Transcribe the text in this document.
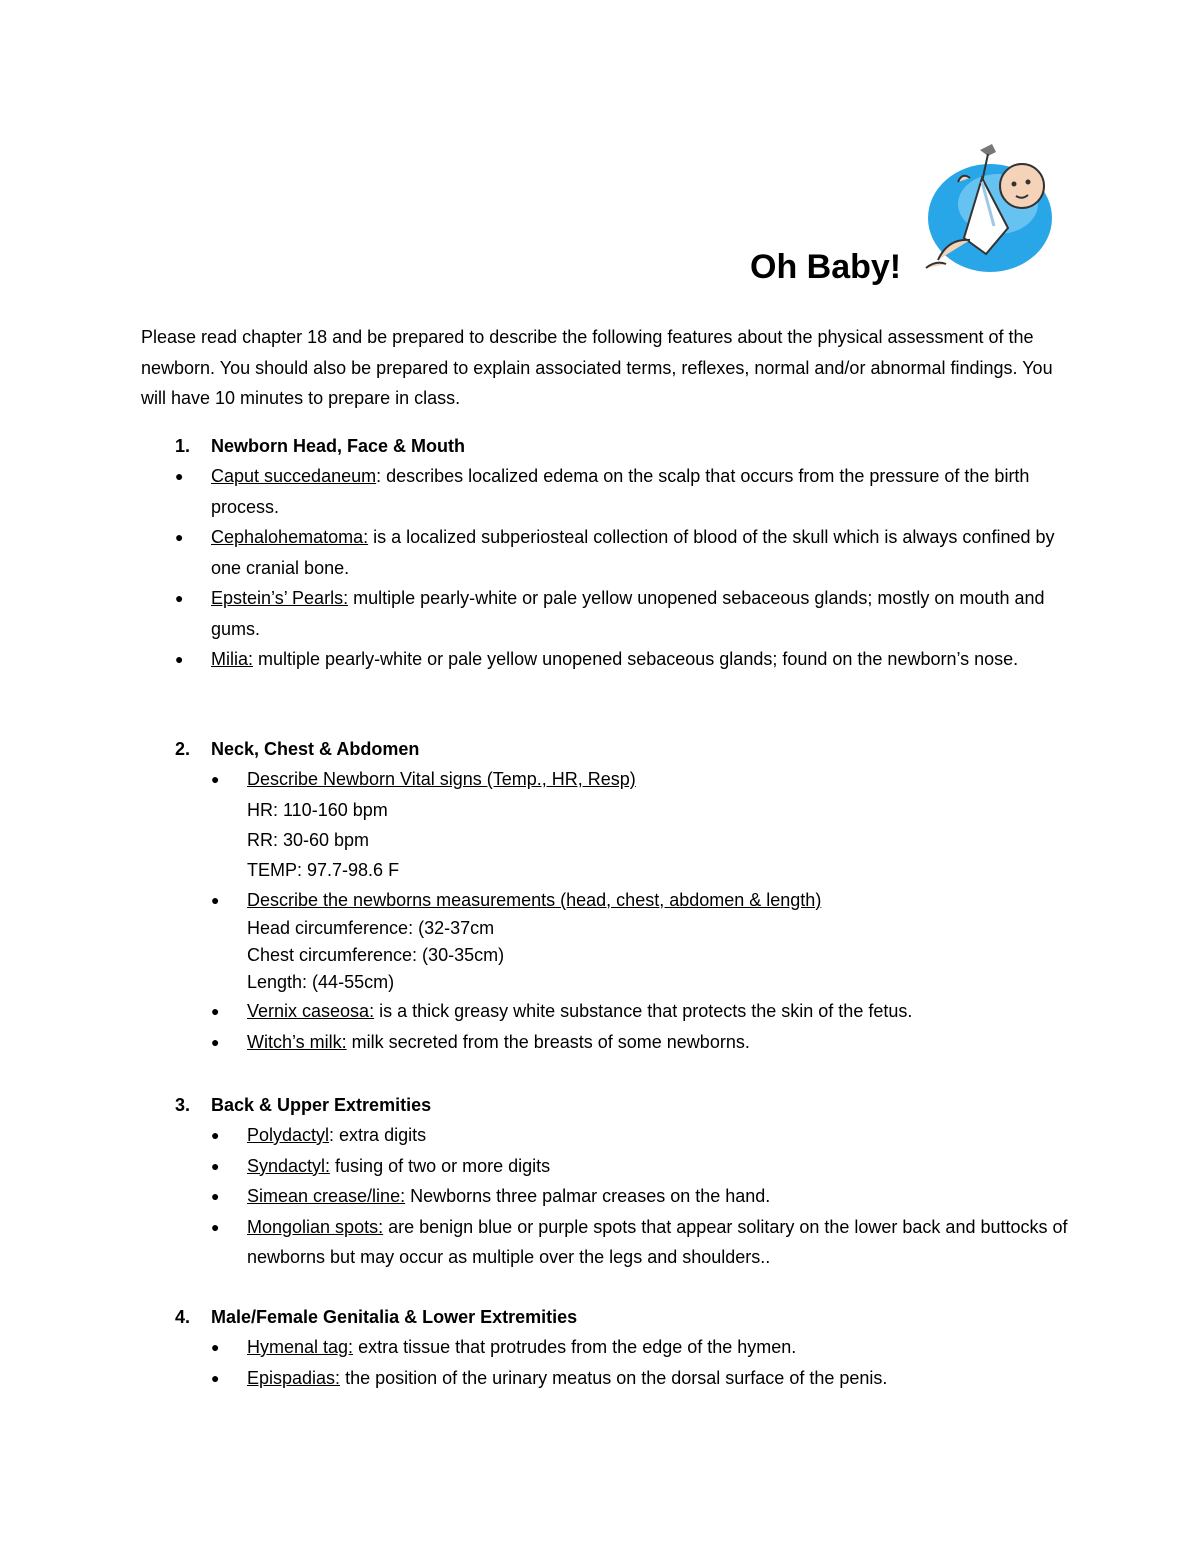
Oh Baby!

Please read chapter 18 and be prepared to describe the following features about the physical assessment of the newborn. You should also be prepared to explain associated terms, reflexes, normal and/or abnormal findings. You will have 10 minutes to prepare in class.

1.	Newborn Head, Face & Mouth
● Caput succedaneum: describes localized edema on the scalp that occurs from the pressure of the birth process.
● Cephalohematoma: is a localized subperiosteal collection of blood of the skull which is always confined by one cranial bone.
● Epstein’s’ Pearls: multiple pearly-white or pale yellow unopened sebaceous glands; mostly on mouth and gums.
● Milia: multiple pearly-white or pale yellow unopened sebaceous glands; found on the newborn’s nose.
2.	Neck, Chest & Abdomen
● Describe Newborn Vital signs (Temp., HR, Resp)
HR: 110-160 bpm
RR: 30-60 bpm
TEMP: 97.7-98.6 F
● Describe the newborns measurements (head, chest, abdomen & length)
Head circumference: (32-37cm
Chest circumference: (30-35cm)
Length: (44-55cm)
● Vernix caseosa: is a thick greasy white substance that protects the skin of the fetus.
● Witch’s milk: milk secreted from the breasts of some newborns.
3.	Back & Upper Extremities
● Polydactyl: extra digits
● Syndactyl: fusing of two or more digits
● Simean crease/line: Newborns three palmar creases on the hand.
● Mongolian spots: are benign blue or purple spots that appear solitary on the lower back and buttocks of newborns but may occur as multiple over the legs and shoulders..
4.	Male/Female Genitalia & Lower Extremities
● Hymenal tag: extra tissue that protrudes from the edge of the hymen.
● Epispadias: the position of the urinary meatus on the dorsal surface of the penis.
